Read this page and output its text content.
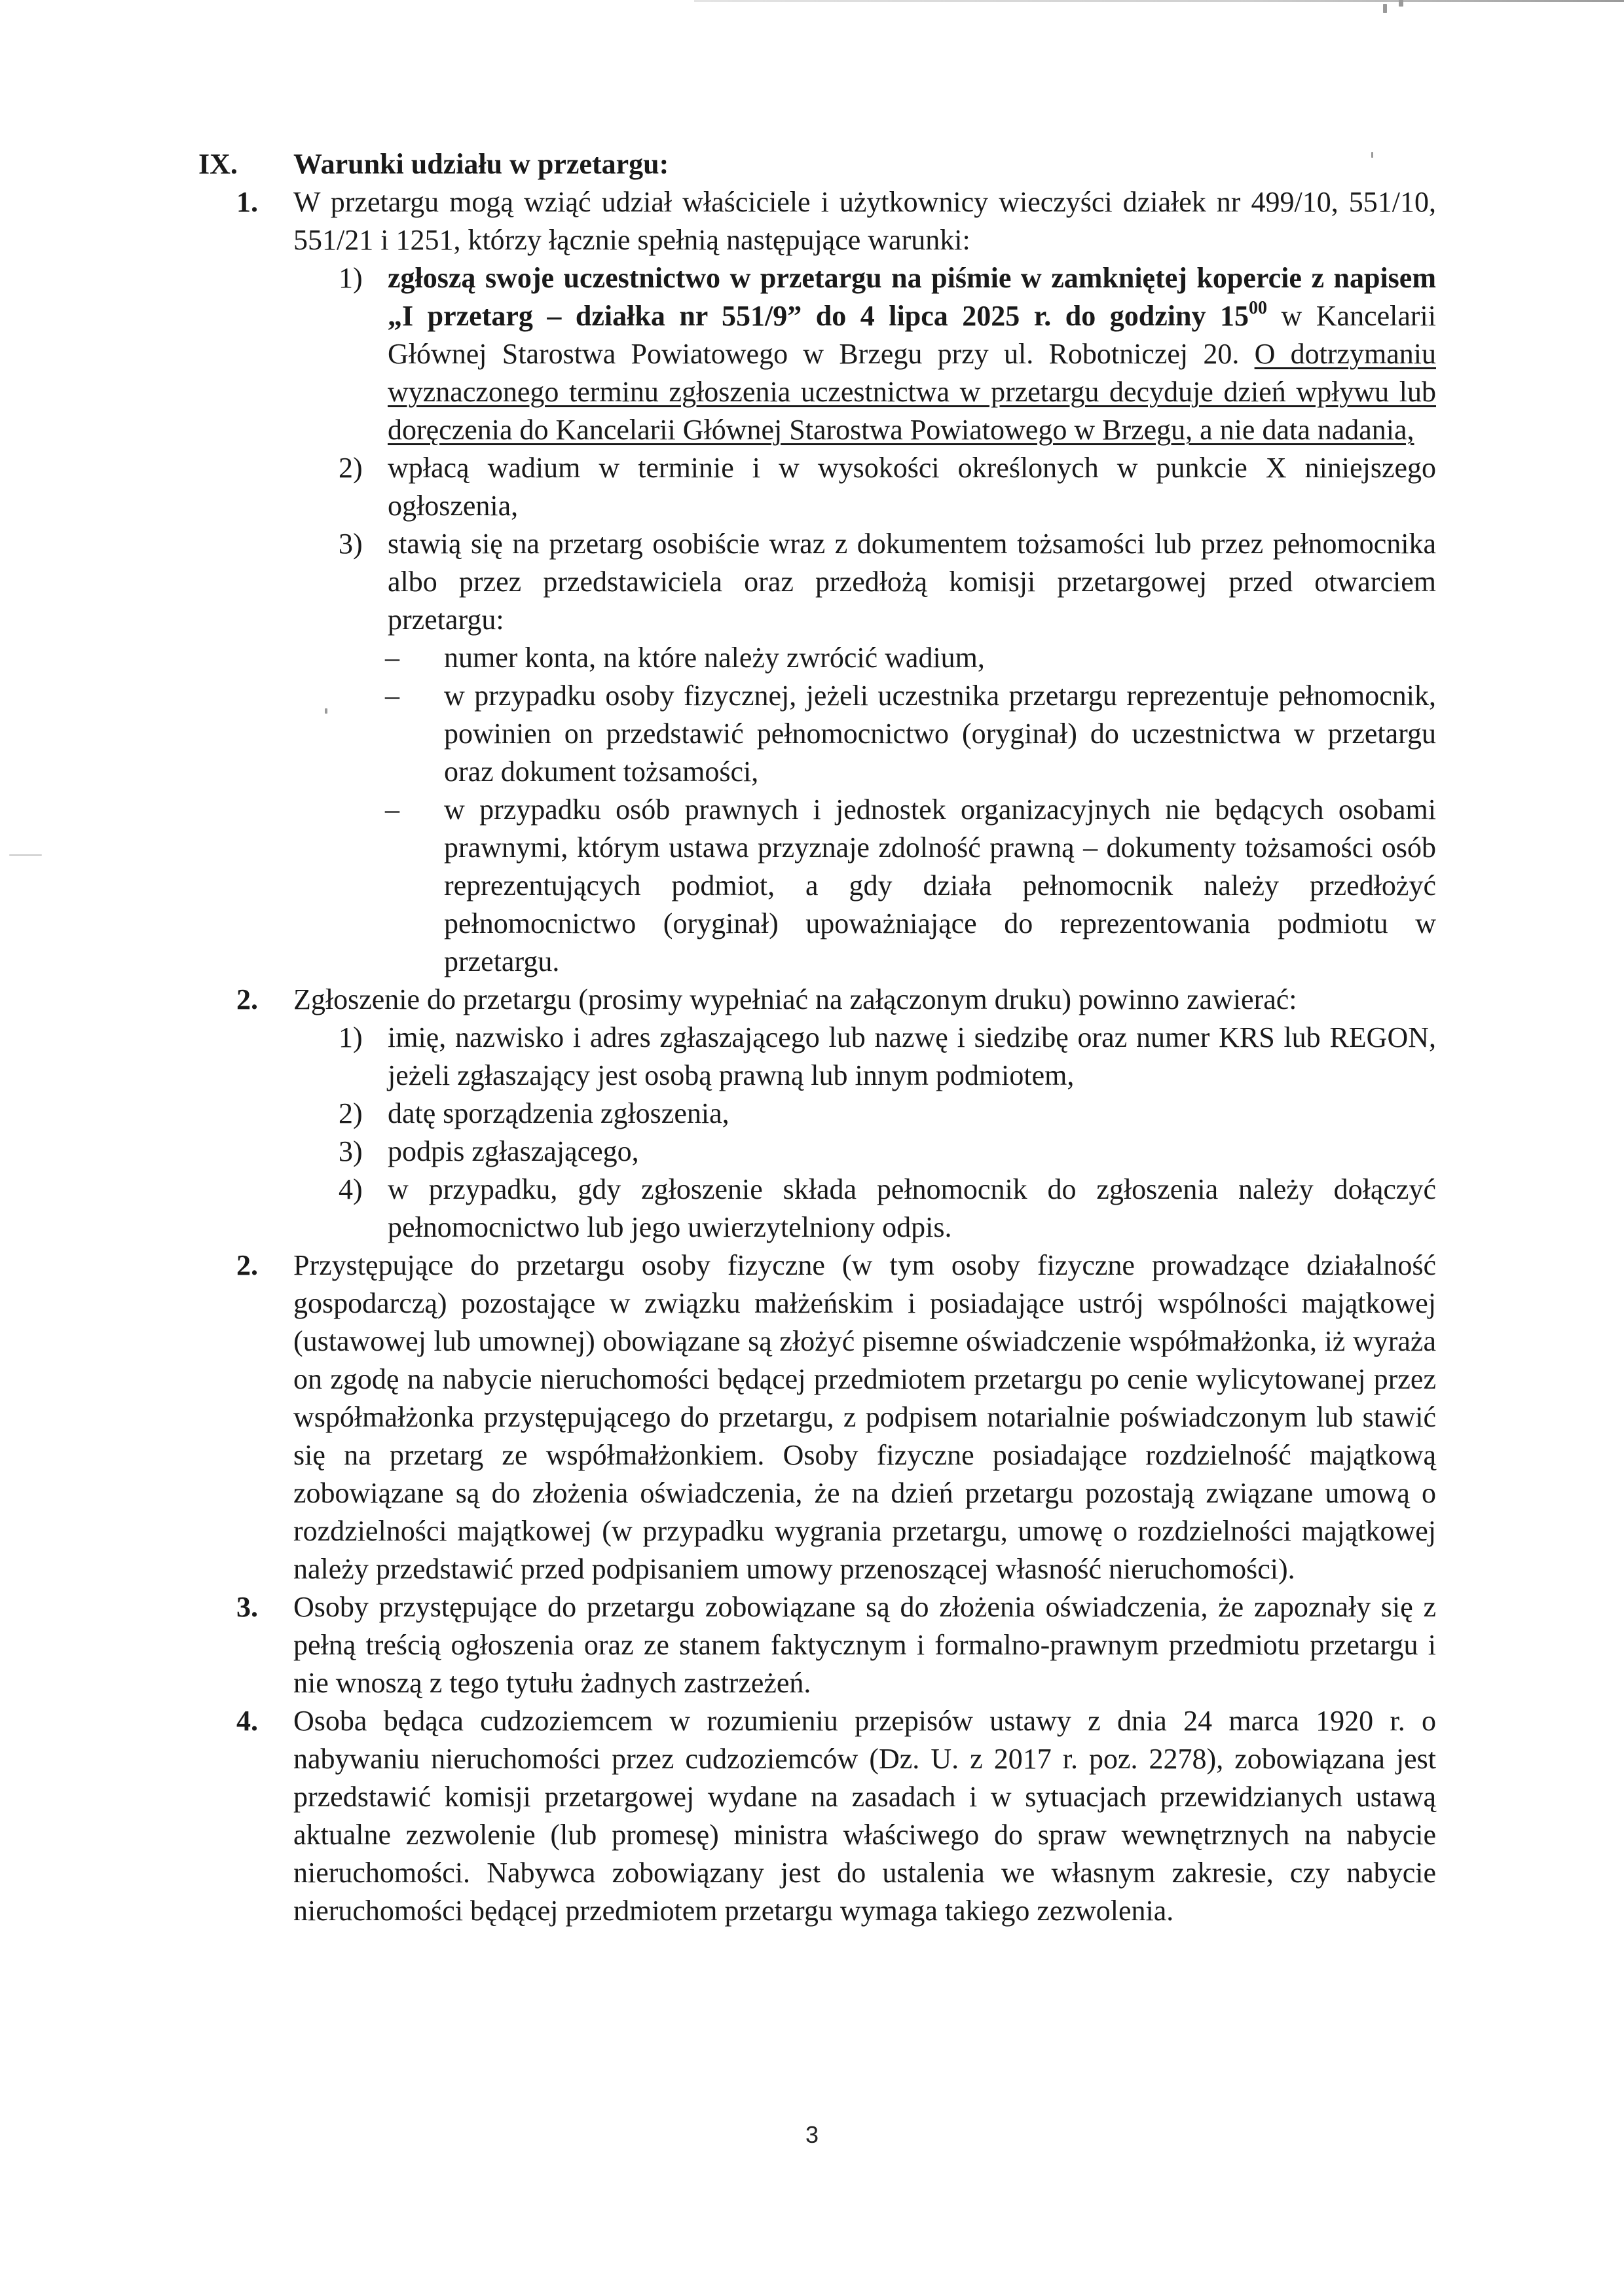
IX. Warunki udziału w przetargu:
1. W przetargu mogą wziąć udział właściciele i użytkownicy wieczyści działek nr 499/10, 551/10, 551/21 i 1251, którzy łącznie spełnią następujące warunki:
1) zgłoszą swoje uczestnictwo w przetargu na piśmie w zamkniętej kopercie z napisem „I przetarg – działka nr 551/9” do 4 lipca 2025 r. do godziny $15^{00}$ w Kancelarii Głównej Starostwa Powiatowego w Brzegu przy ul. Robotniczej 20. O dotrzymaniu wyznaczonego terminu zgłoszenia uczestnictwa w przetargu decyduje dzień wpływu lub doręczenia do Kancelarii Głównej Starostwa Powiatowego w Brzegu, a nie data nadania,
2) wpłacą wadium w terminie i w wysokości określonych w punkcie X niniejszego ogłoszenia,
3) stawią się na przetarg osobiście wraz z dokumentem tożsamości lub przez pełnomocnika albo przez przedstawiciela oraz przedłożą komisji przetargowej przed otwarciem przetargu:
– numer konta, na które należy zwrócić wadium,
– w przypadku osoby fizycznej, jeżeli uczestnika przetargu reprezentuje pełnomocnik, powinien on przedstawić pełnomocnictwo (oryginał) do uczestnictwa w przetargu oraz dokument tożsamości,
– w przypadku osób prawnych i jednostek organizacyjnych nie będących osobami prawnymi, którym ustawa przyznaje zdolność prawną – dokumenty tożsamości osób reprezentujących podmiot, a gdy działa pełnomocnik należy przedłożyć pełnomocnictwo (oryginał) upoważniające do reprezentowania podmiotu w przetargu.
2. Zgłoszenie do przetargu (prosimy wypełniać na załączonym druku) powinno zawierać:
1) imię, nazwisko i adres zgłaszającego lub nazwę i siedzibę oraz numer KRS lub REGON, jeżeli zgłaszający jest osobą prawną lub innym podmiotem,
2) datę sporządzenia zgłoszenia,
3) podpis zgłaszającego,
4) w przypadku, gdy zgłoszenie składa pełnomocnik do zgłoszenia należy dołączyć pełnomocnictwo lub jego uwierzytelniony odpis.
2. Przystępujące do przetargu osoby fizyczne (w tym osoby fizyczne prowadzące działalność gospodarczą) pozostające w związku małżeńskim i posiadające ustrój wspólności majątkowej (ustawowej lub umownej) obowiązane są złożyć pisemne oświadczenie współmałżonka, iż wyraża on zgodę na nabycie nieruchomości będącej przedmiotem przetargu po cenie wylicytowanej przez współmałżonka przystępującego do przetargu, z podpisem notarialnie poświadczonym lub stawić się na przetarg ze współmałżonkiem. Osoby fizyczne posiadające rozdzielność majątkową zobowiązane są do złożenia oświadczenia, że na dzień przetargu pozostają związane umową o rozdzielności majątkowej (w przypadku wygrania przetargu, umowę o rozdzielności majątkowej należy przedstawić przed podpisaniem umowy przenoszącej własność nieruchomości).
3. Osoby przystępujące do przetargu zobowiązane są do złożenia oświadczenia, że zapoznały się z pełną treścią ogłoszenia oraz ze stanem faktycznym i formalno-prawnym przedmiotu przetargu i nie wnoszą z tego tytułu żadnych zastrzeżeń.
4. Osoba będąca cudzoziemcem w rozumieniu przepisów ustawy z dnia 24 marca 1920 r. o nabywaniu nieruchomości przez cudzoziemców (Dz. U. z 2017 r. poz. 2278), zobowiązana jest przedstawić komisji przetargowej wydane na zasadach i w sytuacjach przewidzianych ustawą aktualne zezwolenie (lub promesę) ministra właściwego do spraw wewnętrznych na nabycie nieruchomości. Nabywca zobowiązany jest do ustalenia we własnym zakresie, czy nabycie nieruchomości będącej przedmiotem przetargu wymaga takiego zezwolenia.
3
